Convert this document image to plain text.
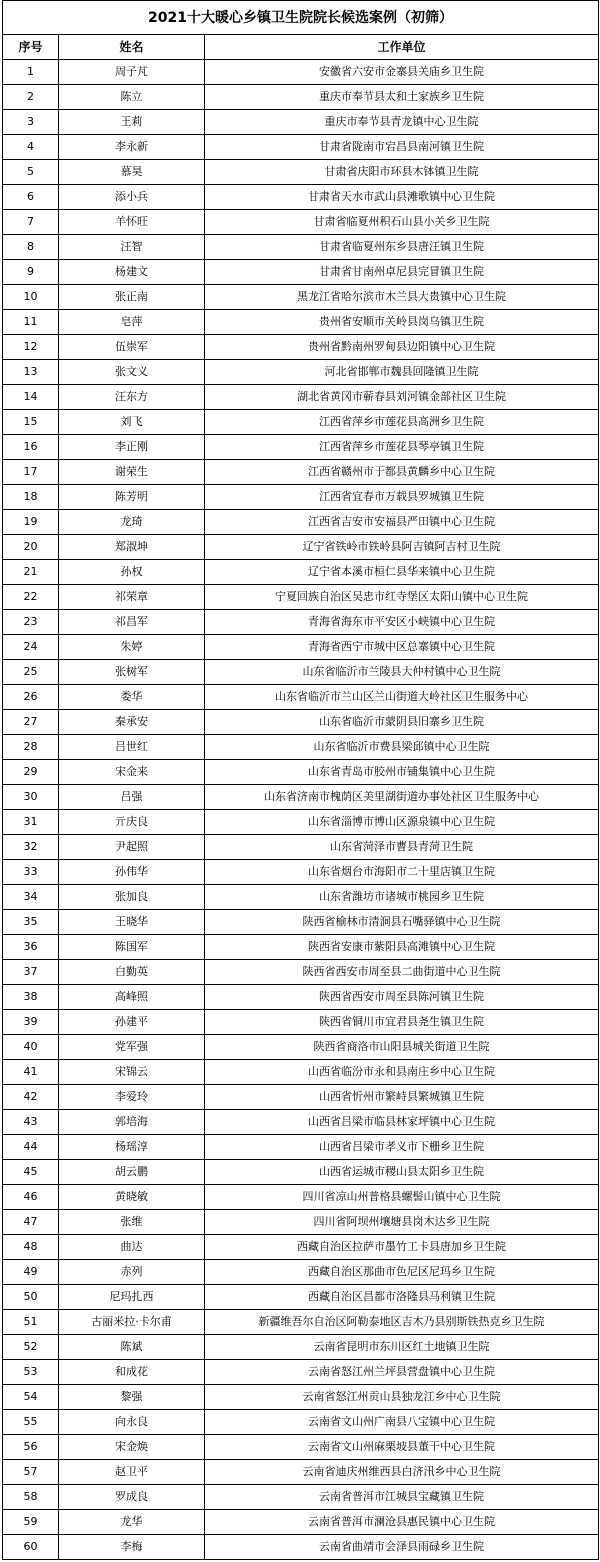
2021十大暖心乡镇卫生院院长候选案例（初筛）		
序号	姓名	工作单位
1	周子芃	安徽省六安市金寨县关庙乡卫生院
2	陈立	重庆市奉节县太和土家族乡卫生院
3	王莉	重庆市奉节县青龙镇中心卫生院
4	李永新	甘肃省陇南市宕昌县南河镇卫生院
5	慕昊	甘肃省庆阳市环县木钵镇卫生院
6	添小兵	甘肃省天水市武山县滩歌镇中心卫生院
7	羊怀旺	甘肃省临夏州积石山县小关乡卫生院
8	汪智	甘肃省临夏州东乡县唐汪镇卫生院
9	杨建文	甘肃省甘南州卓尼县完冒镇卫生院
10	张正南	黑龙江省哈尔滨市木兰县大贵镇中心卫生院
11	皂萍	贵州省安顺市关岭县岗乌镇卫生院
12	伍崇军	贵州省黔南州罗甸县边阳镇中心卫生院
13	张文义	河北省邯郸市魏县回隆镇卫生院
14	汪东方	湖北省黄冈市蕲春县刘河镇金部社区卫生院
15	刘飞	江西省萍乡市莲花县高洲乡卫生院
16	李正刚	江西省萍乡市莲花县琴亭镇卫生院
17	谢荣生	江西省赣州市于都县黄麟乡中心卫生院
18	陈芳明	江西省宜春市万载县罗城镇卫生院
19	龙琦	江西省吉安市安福县严田镇中心卫生院
20	郑淑坤	辽宁省铁岭市铁岭县阿吉镇阿吉村卫生院
21	孙权	辽宁省本溪市桓仁县华来镇中心卫生院
22	祁荣章	宁夏回族自治区吴忠市红寺堡区太阳山镇中心卫生院
23	祁昌军	青海省海东市平安区小峡镇中心卫生院
24	朱婷	青海省西宁市城中区总寨镇中心卫生院
25	张树军	山东省临沂市兰陵县大仲村镇中心卫生院
26	娄华	山东省临沂市兰山区兰山街道大岭社区卫生服务中心
27	秦承安	山东省临沂市蒙阴县旧寨乡卫生院
28	吕世红	山东省临沂市费县梁邱镇中心卫生院
29	宋金来	山东省青岛市胶州市铺集镇中心卫生院
30	吕强	山东省济南市槐荫区美里湖街道办事处社区卫生服务中心
31	亓庆良	山东省淄博市博山区源泉镇中心卫生院
32	尹起照	山东省菏泽市曹县青菏卫生院
33	孙伟华	山东省烟台市海阳市二十里店镇卫生院
34	张加良	山东省潍坊市诸城市桃园乡卫生院
35	王晓华	陕西省榆林市清涧县石嘴驿镇中心卫生院
36	陈国军	陕西省安康市紫阳县高滩镇中心卫生院
37	白勤英	陕西省西安市周至县二曲街道中心卫生院
38	高峰照	陕西省西安市周至县陈河镇卫生院
39	孙建平	陕西省铜川市宜君县尧生镇卫生院
40	党军强	陕西省商洛市山阳县城关街道卫生院
41	宋锦云	山西省临汾市永和县南庄乡中心卫生院
42	李爱玲	山西省忻州市繁峙县繁城镇卫生院
43	郭培海	山西省吕梁市临县林家坪镇中心卫生院
44	杨瑶淳	山西省吕梁市孝义市下栅乡卫生院
45	胡云鹏	山西省运城市稷山县太阳乡卫生院
46	黄晓敏	四川省凉山州普格县螺髻山镇中心卫生院
47	张维	四川省阿坝州壤塘县岗木达乡卫生院
48	曲达	西藏自治区拉萨市墨竹工卡县唐加乡卫生院
49	赤列	西藏自治区那曲市色尼区尼玛乡卫生院
50	尼玛扎西	西藏自治区昌都市洛隆县马利镇卫生院
51	古丽米拉·卡尔甫	新疆维吾尔自治区阿勒泰地区吉木乃县别斯铁热克乡卫生院
52	陈斌	云南省昆明市东川区红土地镇卫生院
53	和成花	云南省怒江州兰坪县营盘镇中心卫生院
54	黎强	云南省怒江州贡山县独龙江乡中心卫生院
55	向永良	云南省文山州广南县八宝镇中心卫生院
56	宋金焕	云南省文山州麻栗坡县董干中心卫生院
57	赵卫平	云南省迪庆州维西县白济汛乡中心卫生院
58	罗成良	云南省普洱市江城县宝藏镇卫生院
59	龙华	云南省普洱市澜沧县惠民镇中心卫生院
60	李梅	云南省曲靖市会泽县雨碌乡卫生院
